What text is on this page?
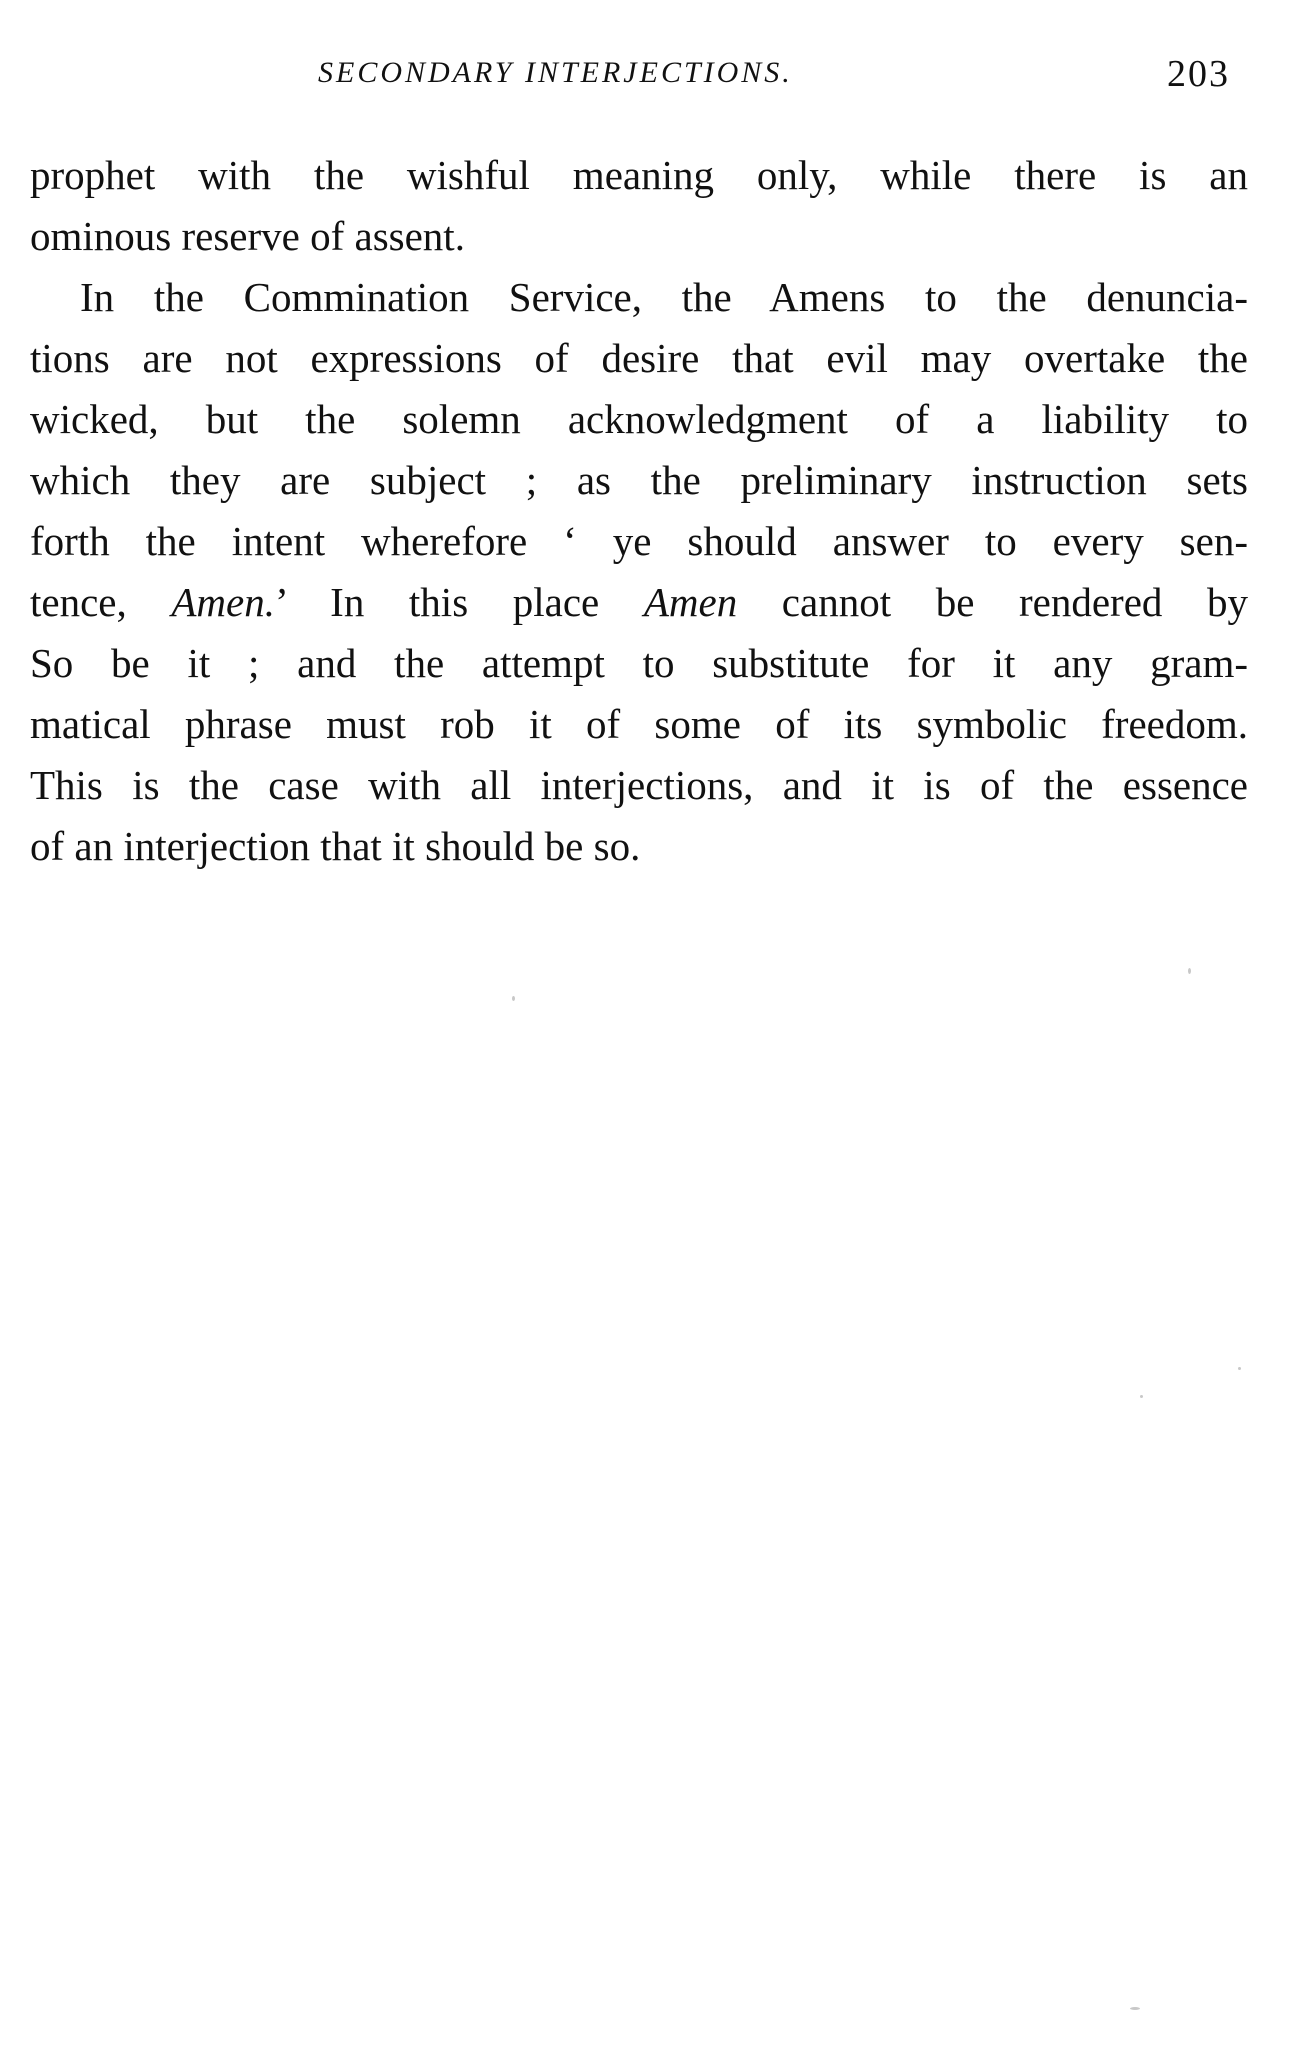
SECONDARY INTERJECTIONS.	203
prophet with the wishful meaning only, while there is an
ominous reserve of assent.
In the Commination Service, the Amens to the denuncia-
tions are not expressions of desire that evil may overtake the
wicked, but the solemn acknowledgment of a liability to
which they are subject ; as the preliminary instruction sets
forth the intent wherefore ‘ ye should answer to every sen-
tence, Amen.’ In this place Amen cannot be rendered by
So be it ; and the attempt to substitute for it any gram-
matical phrase must rob it of some of its symbolic freedom.
This is the case with all interjections, and it is of the essence
of an interjection that it should be so.
